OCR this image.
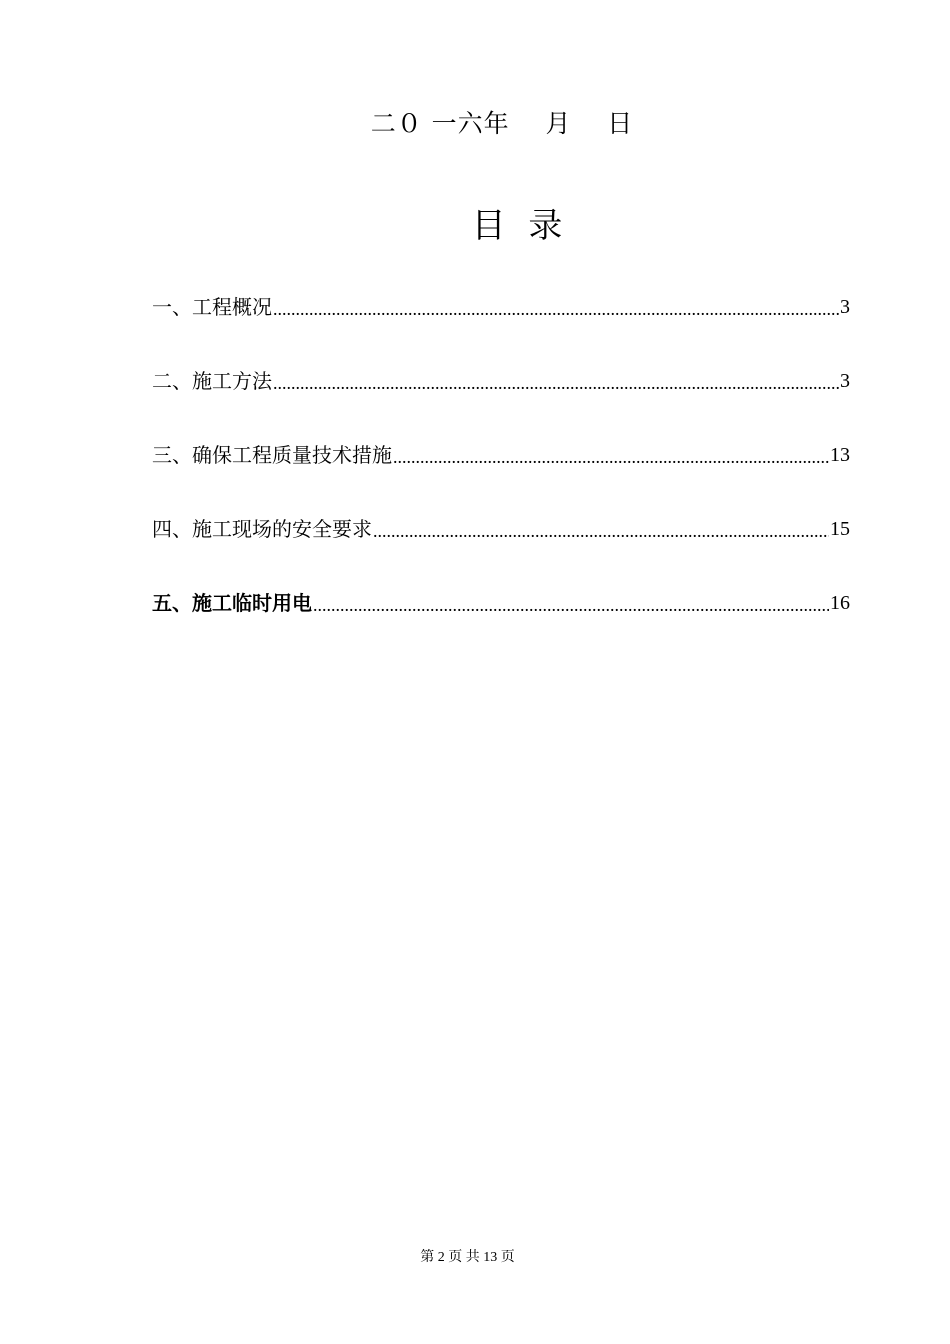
二０ 一六年    月    日
目 录
一、工程概况 .....	3
二、施工方法 .....	3
三、确保工程质量技术措施 .....	13
四、施工现场的安全要求 .....	15
五、施工临时用电 .....	16
第 2 页 共 13 页
